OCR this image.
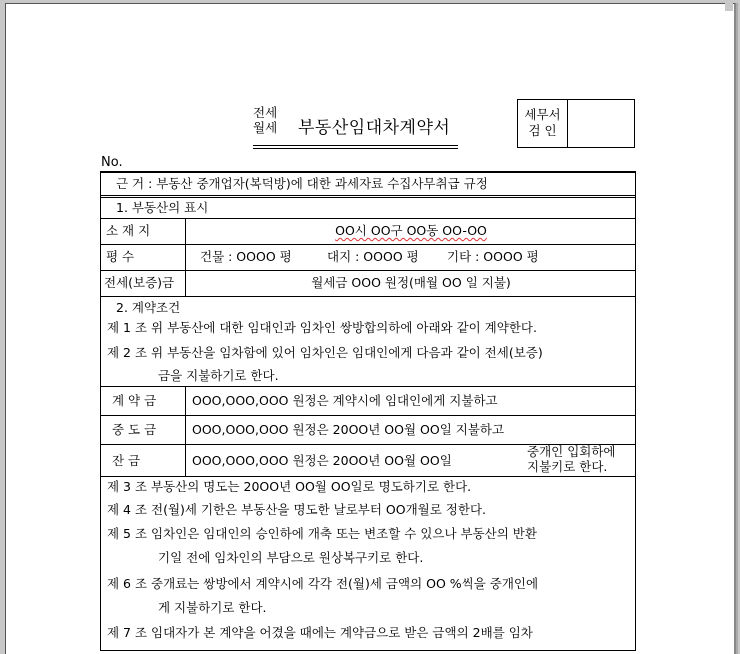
전세
월세	부동산임대차계약서
세무서
검 인
No.
근 거 : 부동산 중개업자(복덕방)에 대한 과세자료 수집사무취급 규정
1. 부동산의 표시
소 재 지	OO시 OO구 OO동 OO-OO
평 수	건물 : OOOO 평	대지 : OOOO 평 기타 : OOOO 평
전세(보증)금	월세금 OOO 원정(매월 OO 일 지불)
2. 계약조건
제 1 조 위 부동산에 대한 임대인과 임차인 쌍방합의하에 아래와 같이 계약한다.
제 2 조 위 부동산을 임차함에 있어 임차인은 임대인에게 다음과 같이 전세(보증)
금을 지불하기로 한다.
계 약 금	OOO,OOO,OOO 원정은 계약시에 임대인에게 지불하고
중 도 금	OOO,OOO,OOO 원정은 20OO년 OO월 OO일 지불하고
잔 금	OOO,OOO,OOO 원정은 20OO년 OO월 OO일
중개인 입회하에
지불키로 한다.
제 3 조 부동산의 명도는 20OO년 OO월 OO일로 명도하기로 한다.
제 4 조 전(월)세 기한은 부동산을 명도한 날로부터 OO개월로 정한다.
제 5 조 임차인은 임대인의 승인하에 개축 또는 변조할 수 있으나 부동산의 반환
기일 전에 임차인의 부담으로 원상복구키로 한다.
제 6 조 중개료는 쌍방에서 계약시에 각각 전(월)세 금액의 OO %씩을 중개인에
게 지불하기로 한다.
제 7 조 임대자가 본 계약을 어겼을 때에는 계약금으로 받은 금액의 2배를 임차
